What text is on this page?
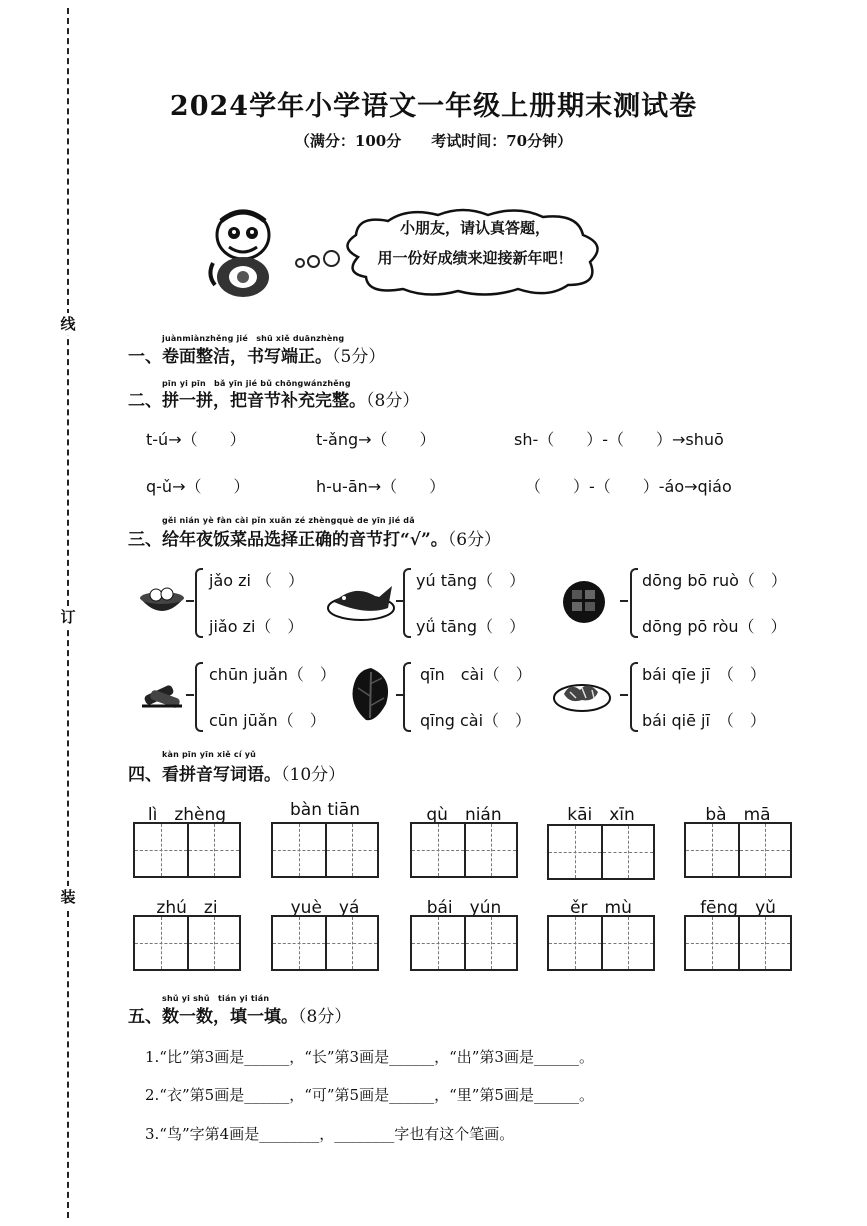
线
订
装
2024学年小学语文一年级上册期末测试卷
（满分：100分　　考试时间：70分钟）
小朋友，请认真答题，
用一份好成绩来迎接新年吧！
juànmiànzhěng jié　shū xiě duānzhèng
一、卷面整洁，书写端正。（5分）
pīn yi pīn　bǎ yīn jié bǔ chōngwánzhěng
二、拼一拼，把音节补充完整。（8分）
t-ú→（　　）	t-ǎng→（　　）	sh-（　　）-（　　）→shuō
q-ǔ→（　　）	h-u-ān→（　　）	（　　）-（　　）-áo→qiáo
gěi nián yè fàn cài pǐn xuǎn zé zhèngquè de yīn jié dǎ
三、给年夜饭菜品选择正确的音节打“√”。（6分）
jǎo zi （　）
jiǎo zi（　）
yú tāng（　）
yǘ tāng（　）
dōng bō ruò（　）
dōng pō ròu（　）
chūn juǎn（　）
cūn jūǎn（　）
qīn　cài（　）
qīng cài（　）
bái qīe jī　（　）
bái qiē jī　（　）
kàn pīn yīn xiě cí yǔ
四、看拼音写词语。（10分）
lì　 zhèng	bàn tiān	qù　 nián	kāi　 xīn	bà　 mā
zhú　 zi	yuè　 yá	bái　 yún	ěr　 mù	fēng　 yǔ
shǔ yi shǔ　tián yi tián
五、数一数，填一填。（8分）
1.“比”第3画是______，“长”第3画是______，“出”第3画是______。
2.“衣”第5画是______，“可”第5画是______，“里”第5画是______。
3.“鸟”字第4画是________，________字也有这个笔画。
